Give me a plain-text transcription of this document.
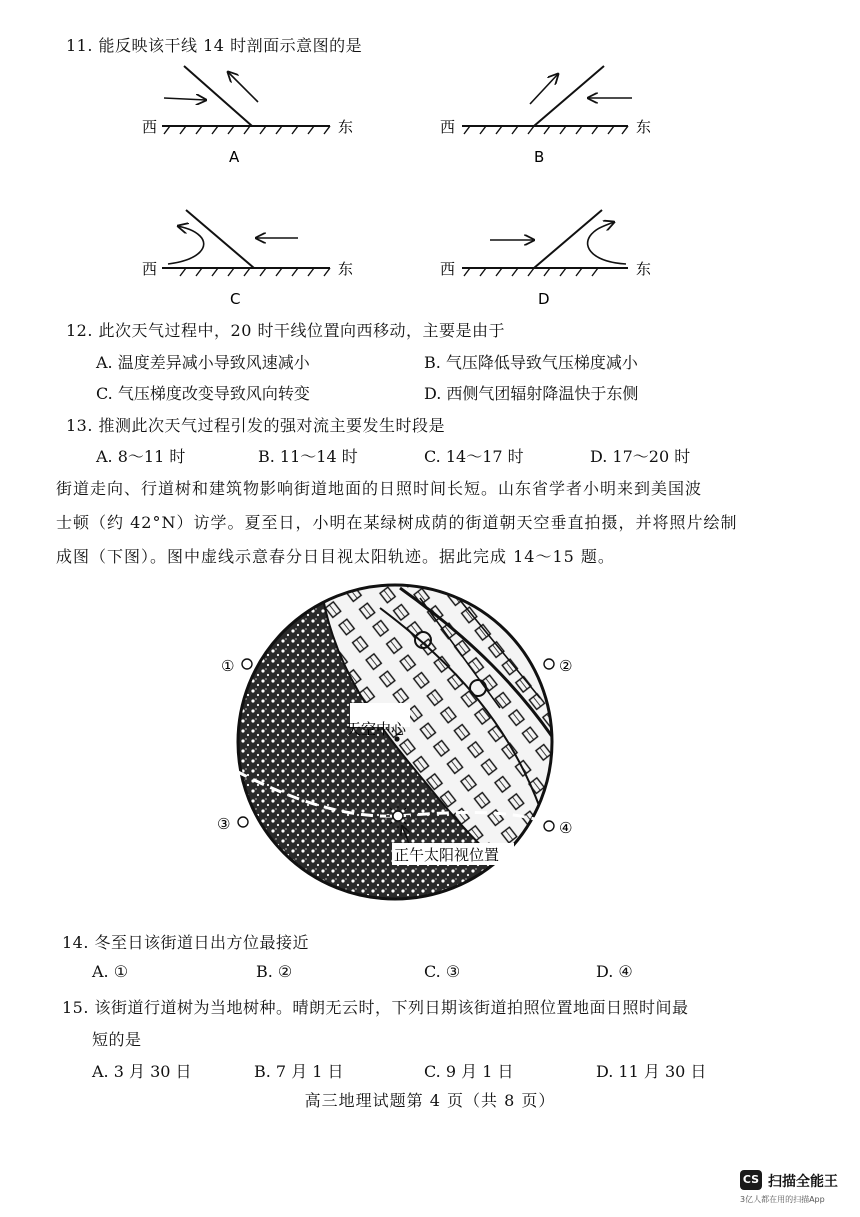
11. 能反映该干线 14 时剖面示意图的是
西	东
A
西	东
B
西	东
C
西	东
D
12. 此次天气过程中，20 时干线位置向西移动，主要是由于
A. 温度差异减小导致风速减小	B. 气压降低导致气压梯度减小
C. 气压梯度改变导致风向转变	D. 西侧气团辐射降温快于东侧
13. 推测此次天气过程引发的强对流主要发生时段是
A. 8～11 时	B. 11～14 时	C. 14～17 时	D. 17～20 时
街道走向、行道树和建筑物影响街道地面的日照时间长短。山东省学者小明来到美国波
士顿（约 42°N）访学。夏至日，小明在某绿树成荫的街道朝天空垂直拍摄，并将照片绘制
成图（下图）。图中虚线示意春分日目视太阳轨迹。据此完成 14～15 题。
①	②
③	④
天空中心
正午太阳视位置
14. 冬至日该街道日出方位最接近
A. ①	B. ②	C. ③	D. ④
15. 该街道行道树为当地树种。晴朗无云时，下列日期该街道拍照位置地面日照时间最
短的是
A. 3 月 30 日	B. 7 月 1 日	C. 9 月 1 日	D. 11 月 30 日
高三地理试题第 4 页（共 8 页）
CS 扫描全能王
3亿人都在用的扫描App
